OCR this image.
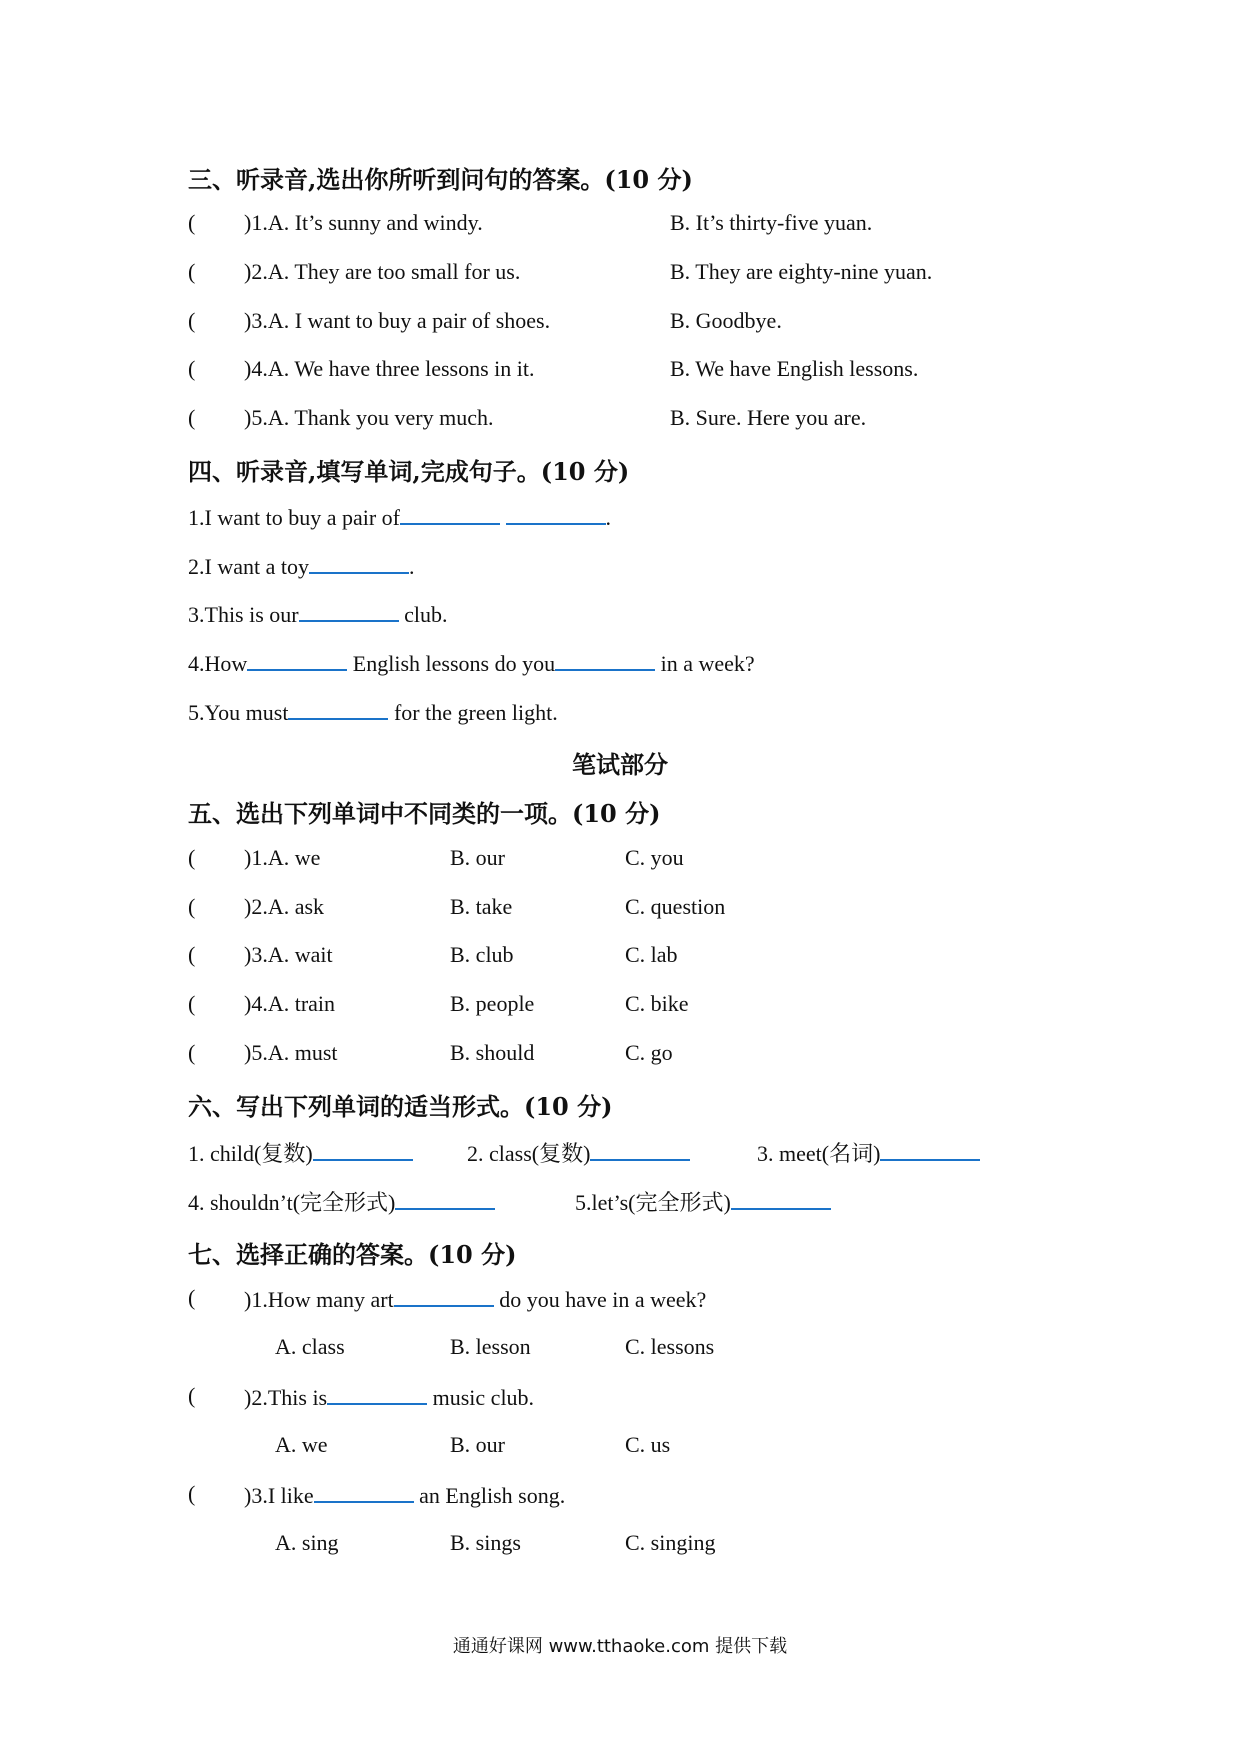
三、听录音,选出你所听到问句的答案。(10 分)
( )1.A. It’s sunny and windy.	B. It’s thirty-five yuan.
( )2.A. They are too small for us.	B. They are eighty-nine yuan.
( )3.A. I want to buy a pair of shoes.	B. Goodbye.
( )4.A. We have three lessons in it.	B. We have English lessons.
( )5.A. Thank you very much.	B. Sure. Here you are.
四、听录音,填写单词,完成句子。(10 分)
1.I want to buy a pair of	.
2.I want a toy	.
3.This is our	club.
4.How	English lessons do you	in a week?
5.You must	for the green light.
笔试部分
五、选出下列单词中不同类的一项。(10 分)
( )1.A. we	B. our	C. you
( )2.A. ask	B. take	C. question
( )3.A. wait	B. club	C. lab
( )4.A. train	B. people	C. bike
( )5.A. must	B. should	C. go
六、写出下列单词的适当形式。(10 分)
1. child(复数)	2. class(复数)	3. meet(名词)
4. shouldn’t(完全形式)	5.let’s(完全形式)
七、选择正确的答案。(10 分)
( )1.How many art	do you have in a week?
A. class	B. lesson	C. lessons
( )2.This is	music club.
A. we	B. our	C. us
( )3.I like	an English song.
A. sing	B. sings	C. singing
通通好课网 www.tthaoke.com 提供下载
